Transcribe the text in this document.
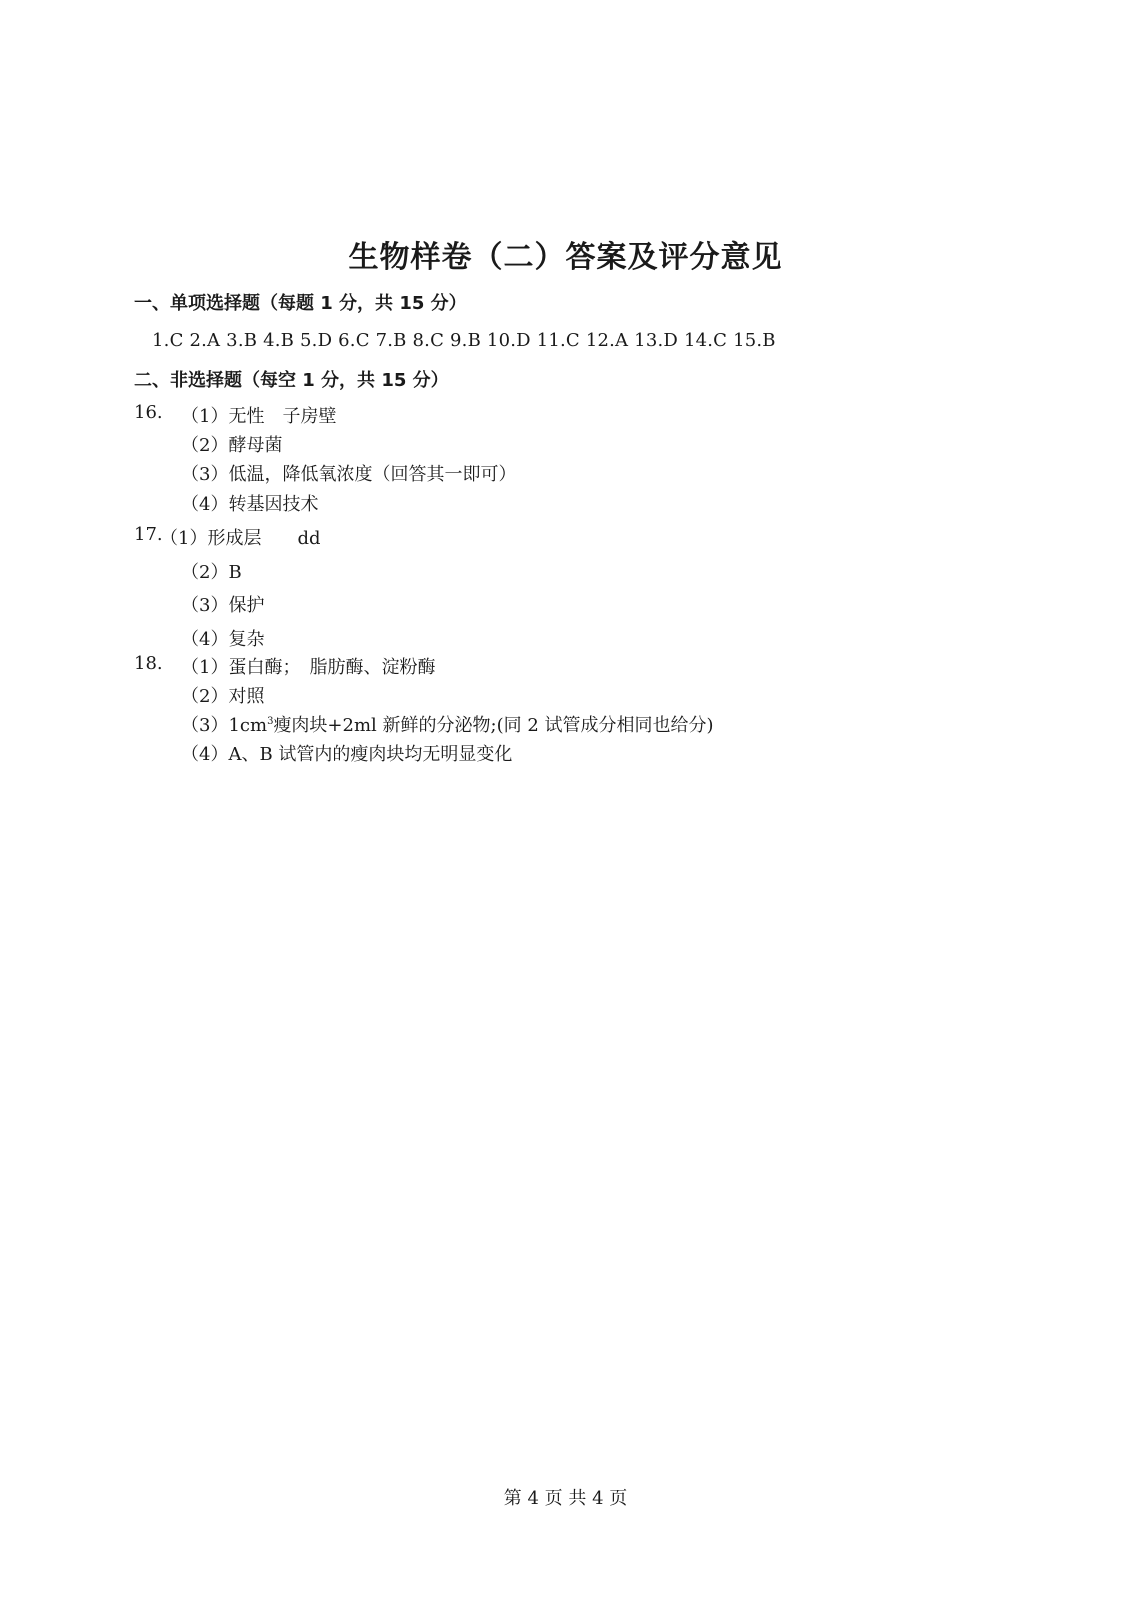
生物样卷（二）答案及评分意见
一、单项选择题（每题 1 分，共 15 分）
1.C 2.A 3.B 4.B 5.D 6.C 7.B 8.C 9.B 10.D 11.C 12.A 13.D 14.C 15.B
二、非选择题（每空 1 分，共 15 分）
16. （1）无性　子房壁
（2）酵母菌
（3）低温，降低氧浓度（回答其一即可）
（4）转基因技术
17.
（1）形成层　　dd
（2）B
（3）保护
（4）复杂
18. （1）蛋白酶；　脂肪酶、淀粉酶
（2）对照
$(3)1cm^3$瘦肉块+2ml 新鲜的分泌物;(同 2 试管成分相同也给分)
（4）A、B 试管内的瘦肉块均无明显变化
第 4 页 共 4 页
